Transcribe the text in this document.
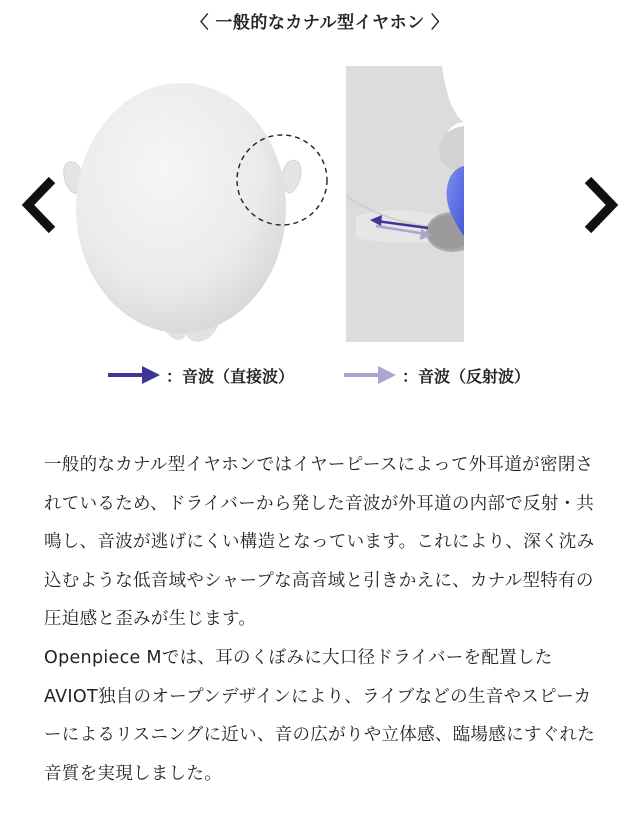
〈 一般的なカナル型イヤホン 〉
：音波（直接波）	：音波（反射波）

一般的なカナル型イヤホンではイヤーピースによって外耳道が密閉されているため、ドライバーから発した音波が外耳道の内部で反射・共鳴し、音波が逃げにくい構造となっています。これにより、深く沈み込むような低音域やシャープな高音域と引きかえに、カナル型特有の圧迫感と歪みが生じます。

Openpiece Mでは、耳のくぼみに大口径ドライバーを配置した AVIOT独自のオープンデザインにより、ライブなどの生音やスピーカーによるリスニングに近い、音の広がりや立体感、臨場感にすぐれた音質を実現しました。
